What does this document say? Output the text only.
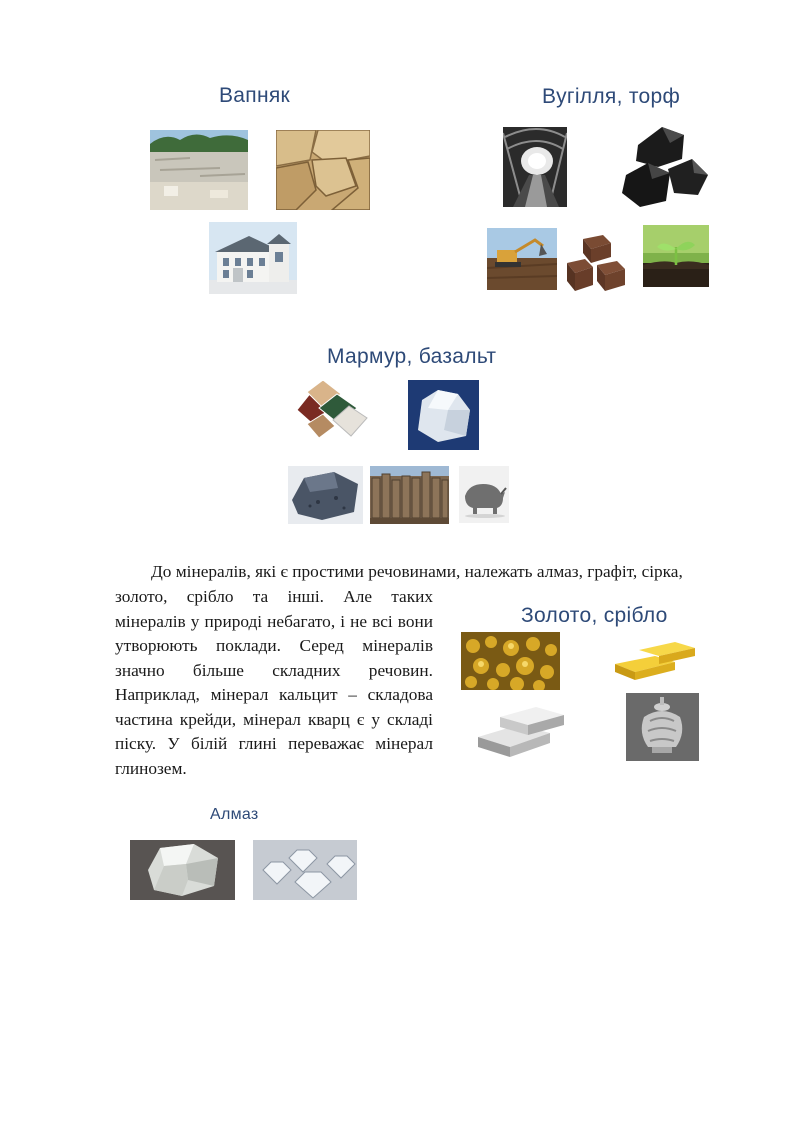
Вапняк	Вугілля, торф
Мармур, базальт
Золото, срібло
Алмаз
До мінералів, які є простими речовинами, належать алмаз, графіт, сірка,
золото, срібло та інші. Але таких мінералів у природі небагато, і не всі вони утворюють поклади. Серед мінералів значно більше складних речовин. Наприклад, мінерал кальцит – складова частина крейди, мінерал кварц є у складі піску. У білій глині переважає мінерал глинозем.
